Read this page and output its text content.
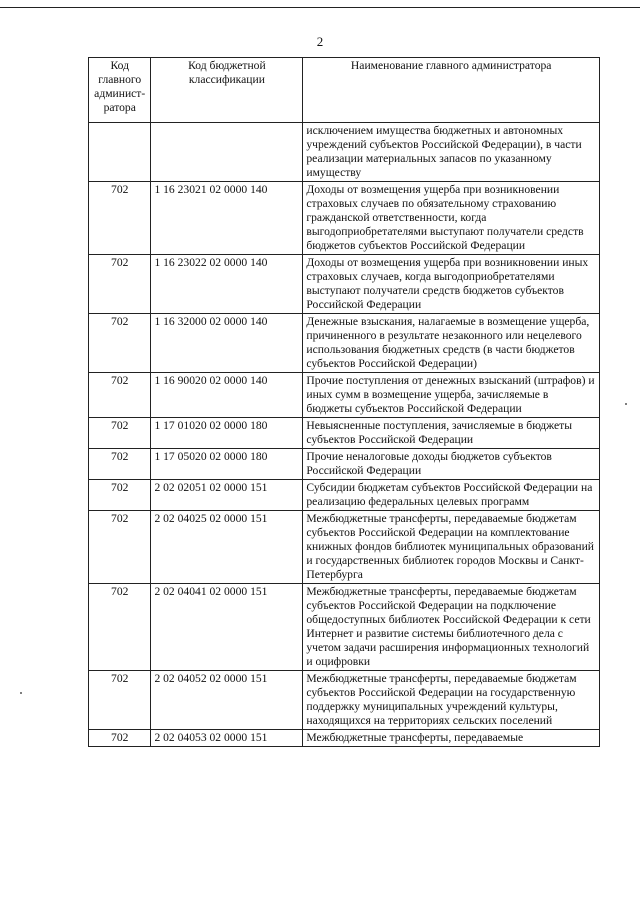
2
Код главного админист-ратора	Код бюджетной классификации	Наименование главного администратора
		исключением имущества бюджетных и автономных учреждений субъектов Российской Федерации), в части реализации материальных запасов по указанному имуществу
702	1 16 23021 02 0000 140	Доходы от возмещения ущерба при возникновении страховых случаев по обязательному страхованию гражданской ответственности, когда выгодоприобретателями выступают получатели средств бюджетов субъектов Российской Федерации
702	1 16 23022 02 0000 140	Доходы от возмещения ущерба при возникновении иных страховых случаев, когда выгодоприобретателями выступают получатели средств бюджетов субъектов Российской Федерации
702	1 16 32000 02 0000 140	Денежные взыскания, налагаемые в возмещение ущерба, причиненного в результате незаконного или нецелевого использования бюджетных средств (в части бюджетов субъектов Российской Федерации)
702	1 16 90020 02 0000 140	Прочие поступления от денежных взысканий (штрафов) и иных сумм в возмещение ущерба, зачисляемые в бюджеты субъектов Российской Федерации
702	1 17 01020 02 0000 180	Невыясненные поступления, зачисляемые в бюджеты субъектов Российской Федерации
702	1 17 05020 02 0000 180	Прочие неналоговые доходы бюджетов субъектов Российской Федерации
702	2 02 02051 02 0000 151	Субсидии бюджетам субъектов Российской Федерации на реализацию федеральных целевых программ
702	2 02 04025 02 0000 151	Межбюджетные трансферты, передаваемые бюджетам субъектов Российской Федерации на комплектование книжных фондов библиотек муниципальных образований и государственных библиотек городов Москвы и Санкт-Петербурга
702	2 02 04041 02 0000 151	Межбюджетные трансферты, передаваемые бюджетам субъектов Российской Федерации на подключение общедоступных библиотек Российской Федерации к сети Интернет и развитие системы библиотечного дела с учетом задачи расширения информационных технологий и оцифровки
702	2 02 04052 02 0000 151	Межбюджетные трансферты, передаваемые бюджетам субъектов Российской Федерации на государственную поддержку муниципальных учреждений культуры, находящихся на территориях сельских поселений
702	2 02 04053 02 0000 151	Межбюджетные трансферты, передаваемые
